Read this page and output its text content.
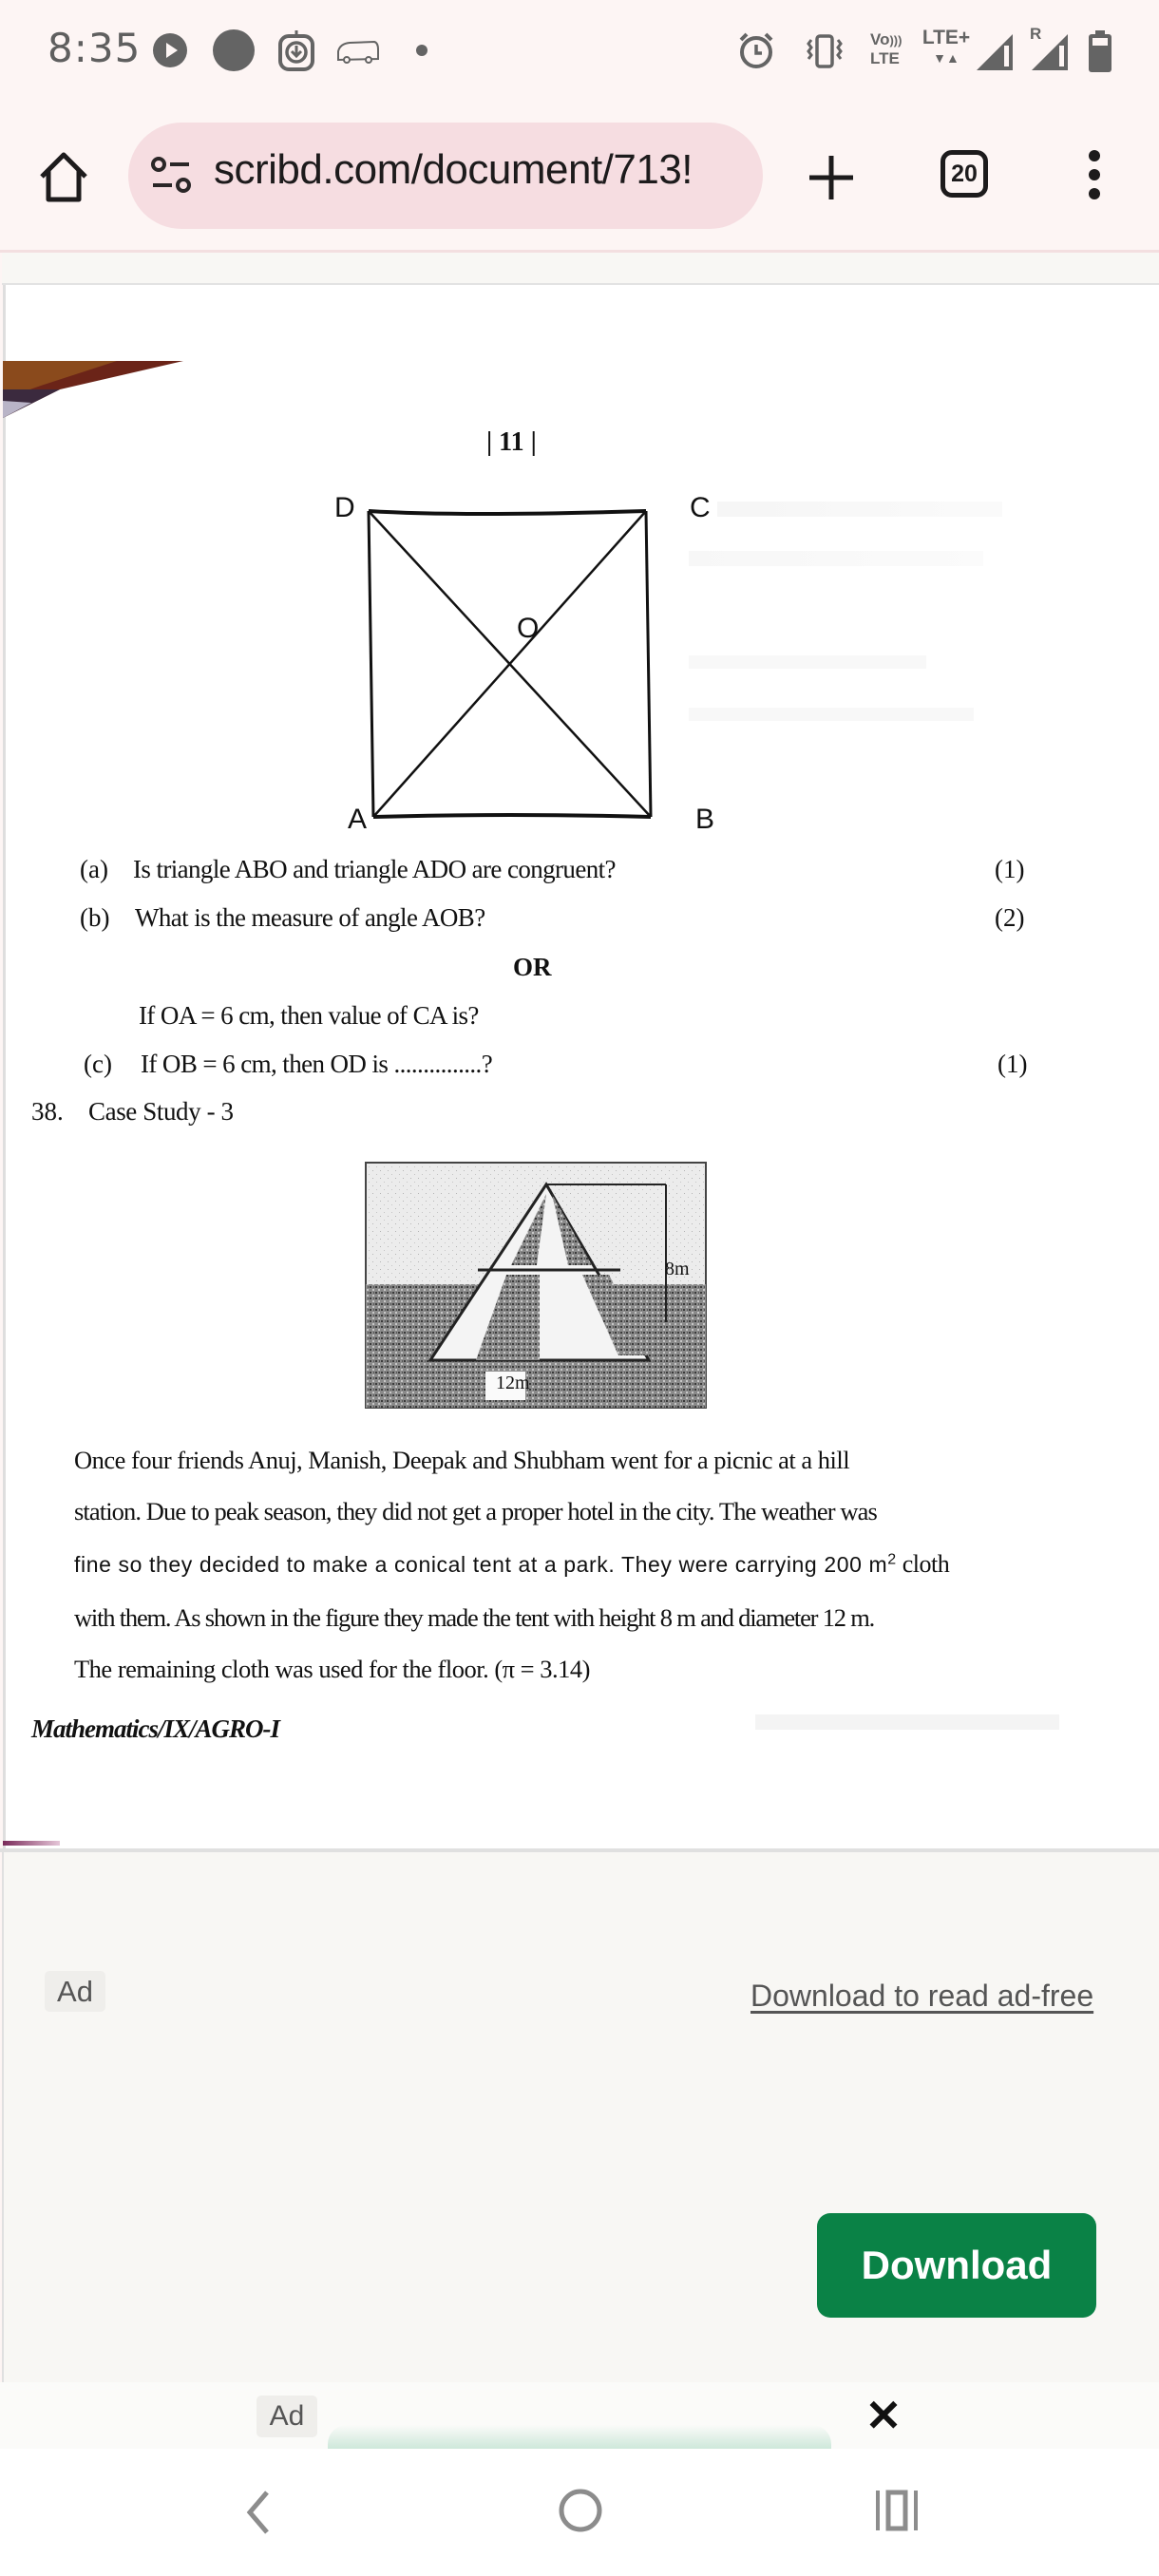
8:35	Vo)))
LTE
LTE+
▼▲
R
scribd.com/document/713!	20
| 11 |
D	C
O
A	B
(a) Is triangle ABO and triangle ADO are congruent?	(1)
(b) What is the measure of angle AOB?	(2)
OR
If OA = 6 cm, then value of CA is?
(c) If OB = 6 cm, then OD is ...............?	(1)
38. Case Study - 3
8m
12m
Once four friends Anuj, Manish, Deepak and Shubham went for a picnic at a hill
station. Due to peak season, they did not get a proper hotel in the city. The weather was
fine so they decided to make a conical tent at a park. They were carrying 200 $m^2$ cloth
with them. As shown in the figure they made the tent with height 8 m and diameter 12 m.
The remaining cloth was used for the floor. (π = 3.14)
Mathematics/IX/AGRO-I
Ad	Download to read ad-free
Download
Ad	✕
